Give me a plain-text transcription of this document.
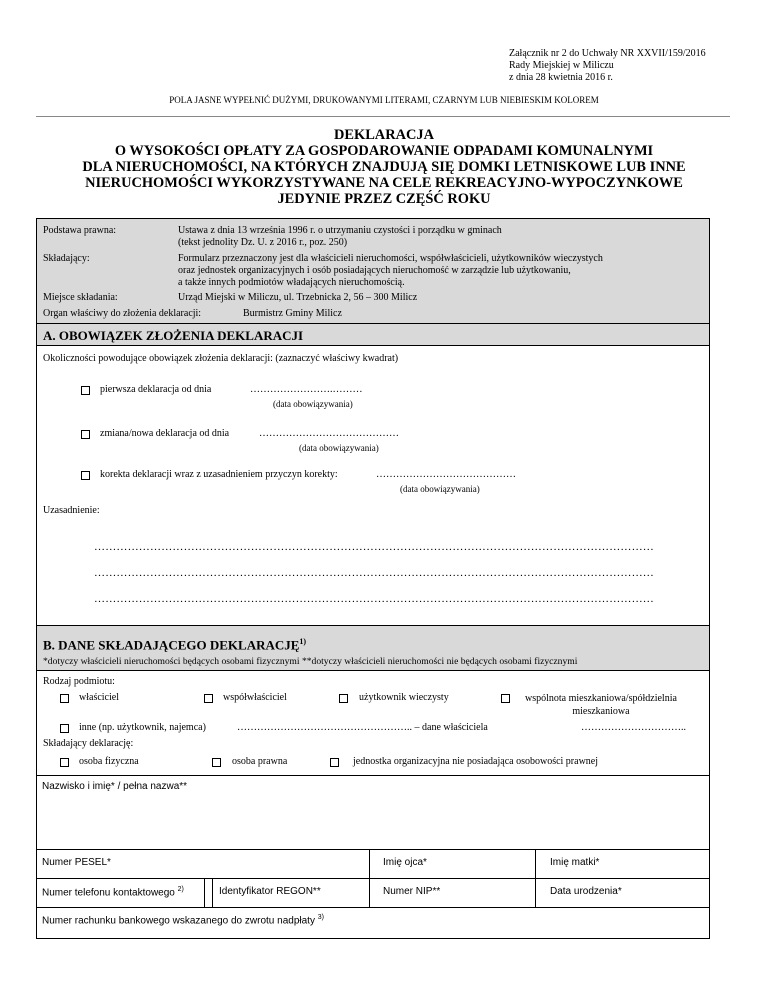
Załącznik nr 2 do Uchwały NR XXVII/159/2016
Rady Miejskiej w Miliczu
z dnia 28 kwietnia 2016 r.
POLA JASNE WYPEŁNIĆ DUŻYMI, DRUKOWANYMI LITERAMI, CZARNYM LUB NIEBIESKIM KOLOREM
DEKLARACJA
O WYSOKOŚCI OPŁATY ZA GOSPODAROWANIE ODPADAMI KOMUNALNYMI
DLA NIERUCHOMOŚCI, NA KTÓRYCH ZNAJDUJĄ SIĘ DOMKI LETNISKOWE LUB INNE
NIERUCHOMOŚCI WYKORZYSTYWANE NA CELE REKREACYJNO-WYPOCZYNKOWE
JEDYNIE PRZEZ CZĘŚĆ ROKU
Podstawa prawna:	Ustawa z dnia 13 września 1996 r. o utrzymaniu czystości i porządku w gminach
(tekst jednolity Dz. U. z 2016 r., poz. 250)
Składający:	Formularz przeznaczony jest dla właścicieli nieruchomości, współwłaścicieli, użytkowników wieczystych
oraz jednostek organizacyjnych i osób posiadających nieruchomość w zarządzie lub użytkowaniu,
a także innych podmiotów władających nieruchomością.
Miejsce składania:	Urząd Miejski w Miliczu, ul. Trzebnicka 2, 56 – 300 Milicz
Organ właściwy do złożenia deklaracji:	Burmistrz Gminy Milicz
A. OBOWIĄZEK ZŁOŻENIA DEKLARACJI
Okoliczności powodujące obowiązek złożenia deklaracji: (zaznaczyć właściwy kwadrat)
pierwsza deklaracja od dnia	…………………….………
(data obowiązywania)
zmiana/nowa deklaracja od dnia	……………………………………
(data obowiązywania)
korekta deklaracji wraz z uzasadnieniem przyczyn korekty:	……………………………………
(data obowiązywania)
Uzasadnienie:
……………………………………………………………………………………………………………………………………
……………………………………………………………………………………………………………………………………
……………………………………………………………………………………………………………………………………
B. DANE SKŁADAJĄCEGO DEKLARACJĘ$^{1)}$
*dotyczy właścicieli nieruchomości będących osobami fizycznymi **dotyczy właścicieli nieruchomości nie będących osobami fizycznymi
Rodzaj podmiotu:
właściciel	współwłaściciel	użytkownik wieczysty	wspólnota mieszkaniowa/spółdzielnia
mieszkaniowa
inne (np. użytkownik, najemca)	…………………………………………….. – dane właściciela	…………………………..
Składający deklarację:
osoba fizyczna	osoba prawna	jednostka organizacyjna nie posiadająca osobowości prawnej
Nazwisko i imię* / pełna nazwa**
Numer PESEL*	Imię ojca*	Imię matki*
Numer telefonu kontaktowego $^{2)}$	Identyfikator REGON**	Numer NIP**	Data urodzenia*
Numer rachunku bankowego wskazanego do zwrotu nadpłaty $^{3)}$
